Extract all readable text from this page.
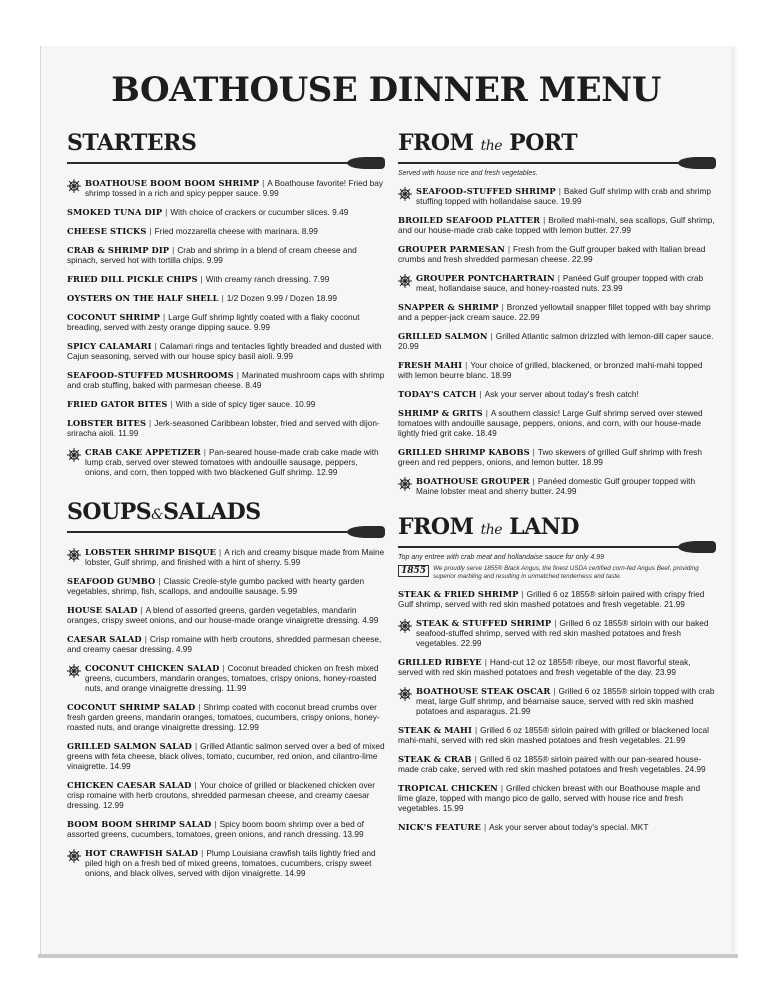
BOATHOUSE DINNER MENU
STARTERS
BOATHOUSE BOOM BOOM SHRIMP | A Boathouse favorite! Fried bay shrimp tossed in a rich and spicy pepper sauce. 9.99
SMOKED TUNA DIP | With choice of crackers or cucumber slices. 9.49
CHEESE STICKS | Fried mozzarella cheese with marinara. 8.99
CRAB & SHRIMP DIP | Crab and shrimp in a blend of cream cheese and spinach, served hot with tortilla chips. 9.99
FRIED DILL PICKLE CHIPS | With creamy ranch dressing. 7.99
OYSTERS ON THE HALF SHELL | 1/2 Dozen 9.99 / Dozen 18.99
COCONUT SHRIMP | Large Gulf shrimp lightly coated with a flaky coconut breading, served with zesty orange dipping sauce. 9.99
SPICY CALAMARI | Calamari rings and tentacles lightly breaded and dusted with Cajun seasoning, served with our house spicy basil aioli. 9.99
SEAFOOD-STUFFED MUSHROOMS | Marinated mushroom caps with shrimp and crab stuffing, baked with parmesan cheese. 8.49
FRIED GATOR BITES | With a side of spicy tiger sauce. 10.99
LOBSTER BITES | Jerk-seasoned Caribbean lobster, fried and served with dijon-sriracha aioli. 11.99
CRAB CAKE APPETIZER | Pan-seared house-made crab cake made with lump crab, served over stewed tomatoes with andouille sausage, peppers, onions, and corn, then topped with two blackened Gulf shrimp. 12.99
SOUPS&SALADS
LOBSTER SHRIMP BISQUE | A rich and creamy bisque made from Maine lobster, Gulf shrimp, and finished with a hint of sherry. 5.99
SEAFOOD GUMBO | Classic Creole-style gumbo packed with hearty garden vegetables, shrimp, fish, scallops, and andouille sausage. 5.99
HOUSE SALAD | A blend of assorted greens, garden vegetables, mandarin oranges, crispy sweet onions, and our house-made orange vinaigrette dressing. 4.99
CAESAR SALAD | Crisp romaine with herb croutons, shredded parmesan cheese, and creamy caesar dressing. 4.99
COCONUT CHICKEN SALAD | Coconut breaded chicken on fresh mixed greens, cucumbers, mandarin oranges, tomatoes, crispy onions, honey-roasted nuts, and orange vinaigrette dressing. 11.99
COCONUT SHRIMP SALAD | Shrimp coated with coconut bread crumbs over fresh garden greens, mandarin oranges, tomatoes, cucumbers, crispy onions, honey-roasted nuts, and orange vinaigrette dressing. 12.99
GRILLED SALMON SALAD | Grilled Atlantic salmon served over a bed of mixed greens with feta cheese, black olives, tomato, cucumber, red onion, and cilantro-lime vinaigrette. 14.99
CHICKEN CAESAR SALAD | Your choice of grilled or blackened chicken over crisp romaine with herb croutons, shredded parmesan cheese, and creamy caesar dressing. 12.99
BOOM BOOM SHRIMP SALAD | Spicy boom boom shrimp over a bed of assorted greens, cucumbers, tomatoes, green onions, and ranch dressing. 13.99
HOT CRAWFISH SALAD | Plump Louisiana crawfish tails lightly fried and piled high on a fresh bed of mixed greens, tomatoes, cucumbers, crispy sweet onions, and black olives, served with dijon vinaigrette. 14.99
FROM the PORT
Served with house rice and fresh vegetables.
SEAFOOD-STUFFED SHRIMP | Baked Gulf shrimp with crab and shrimp stuffing topped with hollandaise sauce. 19.99
BROILED SEAFOOD PLATTER | Broiled mahi-mahi, sea scallops, Gulf shrimp, and our house-made crab cake topped with lemon butter. 27.99
GROUPER PARMESAN | Fresh from the Gulf grouper baked with Italian bread crumbs and fresh shredded parmesan cheese. 22.99
GROUPER PONTCHARTRAIN | Panéed Gulf grouper topped with crab meat, hollandaise sauce, and honey-roasted nuts. 23.99
SNAPPER & SHRIMP | Bronzed yellowtail snapper fillet topped with bay shrimp and a pepper-jack cream sauce. 22.99
GRILLED SALMON | Grilled Atlantic salmon drizzled with lemon-dill caper sauce. 20.99
FRESH MAHI | Your choice of grilled, blackened, or bronzed mahi-mahi topped with lemon beurre blanc. 18.99
TODAY'S CATCH | Ask your server about today's fresh catch!
SHRIMP & GRITS | A southern classic! Large Gulf shrimp served over stewed tomatoes with andouille sausage, peppers, onions, and corn, with our house-made lightly fried grit cake. 18.49
GRILLED SHRIMP KABOBS | Two skewers of grilled Gulf shrimp with fresh green and red peppers, onions, and lemon butter. 18.99
BOATHOUSE GROUPER | Panéed domestic Gulf grouper topped with Maine lobster meat and sherry butter. 24.99
FROM the LAND
Top any entree with crab meat and hollandaise sauce for only 4.99
1855	We proudly serve 1855® Black Angus, the finest USDA certified corn-fed Angus Beef, providing superior marbling and resulting in unmatched tenderness and taste.
STEAK & FRIED SHRIMP | Grilled 6 oz 1855® sirloin paired with crispy fried Gulf shrimp, served with red skin mashed potatoes and fresh vegetable. 21.99
STEAK & STUFFED SHRIMP | Grilled 6 oz 1855® sirloin with our baked seafood-stuffed shrimp, served with red skin mashed potatoes and fresh vegetables. 22.99
GRILLED RIBEYE | Hand-cut 12 oz 1855® ribeye, our most flavorful steak, served with red skin mashed potatoes and fresh vegetable of the day. 23.99
BOATHOUSE STEAK OSCAR | Grilled 6 oz 1855® sirloin topped with crab meat, large Gulf shrimp, and béarnaise sauce, served with red skin mashed potatoes and asparagus. 21.99
STEAK & MAHI | Grilled 6 oz 1855® sirloin paired with grilled or blackened local mahi-mahi, served with red skin mashed potatoes and fresh vegetables. 21.99
STEAK & CRAB | Grilled 6 oz 1855® sirloin paired with our pan-seared house-made crab cake, served with red skin mashed potatoes and fresh vegetables. 24.99
TROPICAL CHICKEN | Grilled chicken breast with our Boathouse maple and lime glaze, topped with mango pico de gallo, served with house rice and fresh vegetables. 15.99
NICK'S FEATURE | Ask your server about today's special. MKT
